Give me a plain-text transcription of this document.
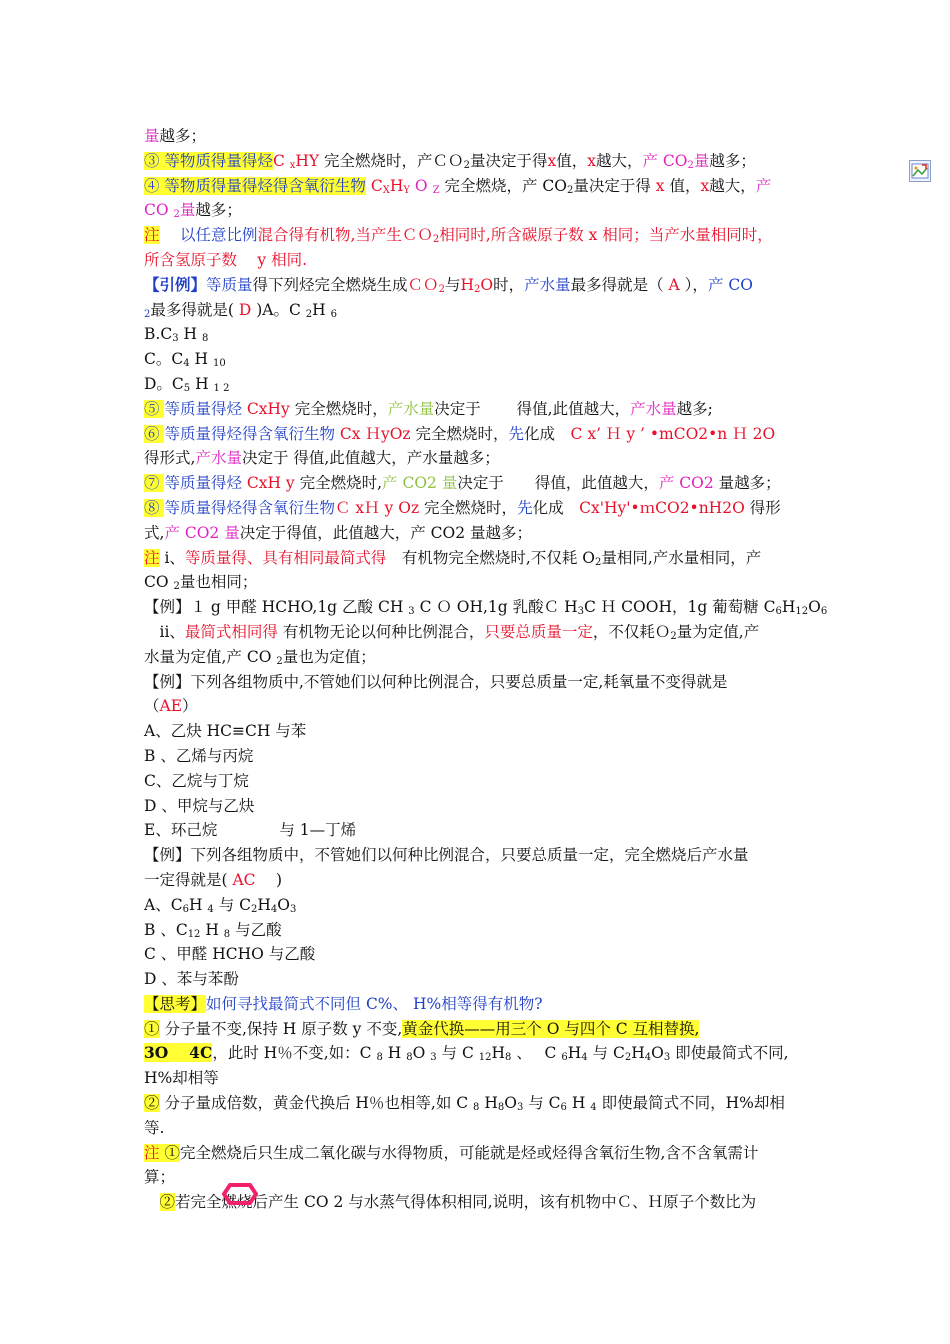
量越多；
③ 等物质得量得烃C $_x$HY 完全燃烧时，产ＣＯ$_2$量决定于得x值，x越大，产 $CO_2$量越多；
④ 等物质得量得烃得含氧衍生物 $C_XH_Y$ O $_Z$ 完全燃烧，产 $CO_2$量决定于得 x 值，x越大，产
CO $_2$量越多；
注　 以任意比例混合得有机物,当产生ＣＯ$_2$相同时,所含碳原子数 x 相同；当产水量相同时，
所含氢原子数　 y 相同.
【引例】等质量得下列烃完全燃烧生成ＣＯ$_2$与$H_2O$时，产水量最多得就是（ A ），产 CO
$_2$最多得就是( D )A。C $_2$H $_6$
$B.C_3$ H $_8$
C。$C_4$ H $_{10}$
D。$C_5$ H $_{1 2}$
⑤ 等质量得烃 CxHy 完全燃烧时，产水量决定于　　 得值,此值越大，产水量越多;
⑥ 等质量得烃得含氧衍生物 Cx ＨyOz 完全燃烧时，先化成　C x’ Ｈ y ’ •mCO2•n Ｈ 2O
得形式,产水量决定于 得值,此值越大，产水量越多；
⑦ 等质量得烃 CxH y 完全燃烧时,产 CO2 量决定于　　得值，此值越大，产 CO2 量越多；
⑧ 等质量得烃得含氧衍生物Ｃ xＨ y Oz 完全燃烧时，先化成　Cx'Hy'•ｍCO2•nH2O 得形
式,产 CO2 量决定于得值，此值越大，产 CO2 量越多；
注 i、等质量得、具有相同最简式得　有机物完全燃烧时,不仅耗 $O_2$量相同,产水量相同，产
CO $_2$量也相同；
【例】１ g 甲醛 HCHO,1g 乙酸 CH $_3$ C Ｏ OH,1g 乳酸Ｃ $H_3C$ Ｈ COOH，1g 葡萄糖 $C_6H_{12}O_6$
　ii、最简式相同得 有机物无论以何种比例混合，只要总质量一定，不仅耗Ｏ$_2$量为定值,产
水量为定值,产 CO $_2$量也为定值；
【例】下列各组物质中,不管她们以何种比例混合，只要总质量一定,耗氧量不变得就是
（AE）
A、乙炔 HC≡CH 与苯
B 、乙烯与丙烷
C、乙烷与丁烷
D 、甲烷与乙炔
E、环己烷　　　　与 1—丁烯
【例】下列各组物质中，不管她们以何种比例混合，只要总质量一定，完全燃烧后产水量
一定得就是( AC　 )
A、$C_6H$ $_4$ 与 $C_2H_4O_3$
B 、$C_{12}$ H $_8$ 与乙酸
C 、甲醛 HCHO 与乙酸
D 、苯与苯酚
【思考】如何寻找最简式不同但 C%、 H%相等得有机物?
① 分子量不变,保持 H 原子数 y 不变,黄金代换——用三个 O 与四个 C 互相替换,
3O　 4C，此时 H％不变,如：C $_8$ H $_8$O $_3$ 与 C $_{12}H_8$ 、　 C $_6H_4$ 与 $C_2H_4O_3$ 即使最简式不同,
H%却相等
② 分子量成倍数，黄金代换后 H％也相等,如 C $_8$ $H_8O_3$ 与 $C_6$ H $_4$ 即使最简式不同，H%却相
等.
注 ①完全燃烧后只生成二氧化碳与水得物质，可能就是烃或烃得含氧衍生物,含不含氧需计
算；
　②若完全燃烧后产生 CO 2 与水蒸气得体积相同,说明，该有机物中Ｃ、Ｈ原子个数比为
